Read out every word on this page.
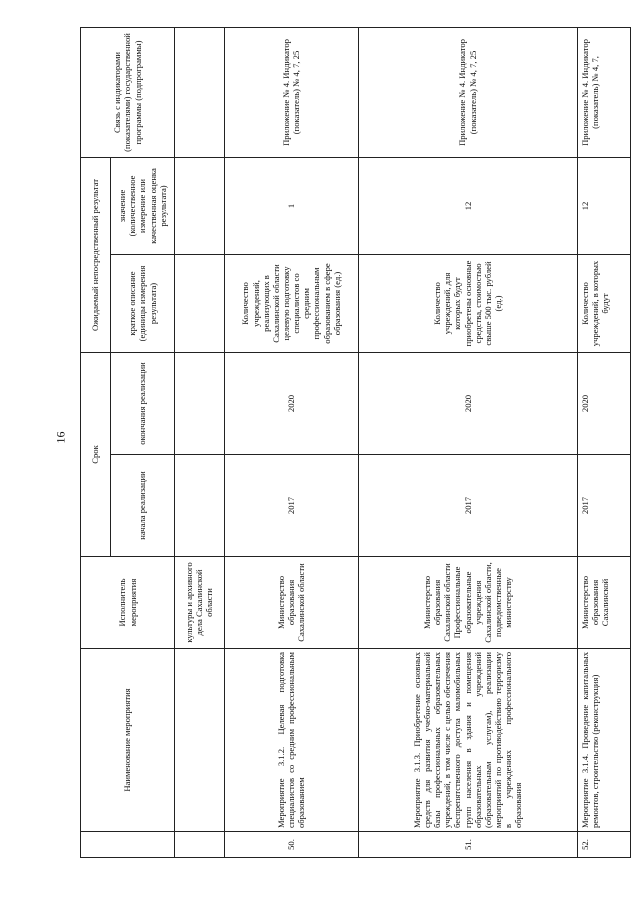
16
	Наименование мероприятия	Исполнитель мероприятия	Срок		Ожидаемый непосредственный результат		Связь с индикаторами (показателями) государственной программы (подпрограммы)
			начала реализации	окончания реализации	краткое описание (единицы измерения результата)	значение (количественное измерение или качественная оценка результата)	
		культуры и архивного дела Сахалинской области					
50.	Мероприятие 3.1.2. Целевая подготовка специалистов со средним профессиональным образованием	Министерство образования Сахалинской области	2017	2020	Количество учреждений, реализующих в Сахалинской области целевую подготовку специалистов со средним профессиональным образованием в сфере образования (ед.)	1	Приложение № 4. Индикатор (показатель) № 4, 7, 25
51.	Мероприятие 3.1.3. Приобретение основных средств для развития учебно-материальной базы профессиональных образовательных учреждений, в том числе с целью обеспечения беспрепятственного доступа маломобильных групп населения в здания и помещения образовательных учреждений (образовательным услугам), реализации мероприятий по противодействию терроризму в учреждениях профессионального образования	Министерство образования Сахалинской области Профессиональные образовательные учреждения Сахалинской области, подведомственные министерству	2017	2020	Количество учреждений, для которых будут приобретены основные средства, стоимостью свыше 500 тыс. рублей (ед.)	12	Приложение № 4. Индикатор (показатель) № 4, 7, 25
52.	Мероприятие 3.1.4. Проведение капитальных ремонтов, строительство (реконструкция)	Министерство образования Сахалинской	2017	2020	Количество учреждений, в которых будут	12	Приложение № 4. Индикатор (показатель) № 4, 7,
